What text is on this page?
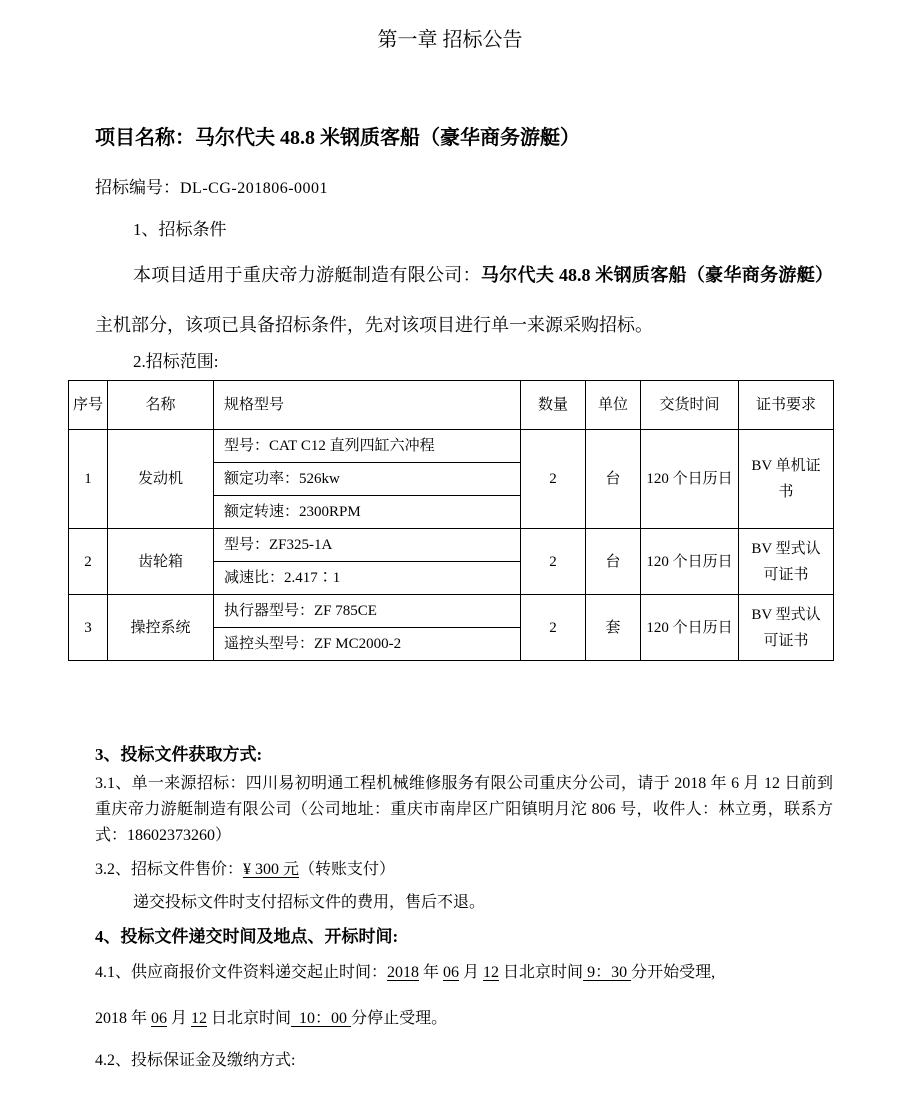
第一章 招标公告
项目名称：马尔代夫 48.8 米钢质客船（豪华商务游艇）
招标编号：DL-CG-201806-0001
1、招标条件

本项目适用于重庆帝力游艇制造有限公司：马尔代夫 48.8 米钢质客船（豪华商务游艇）主机部分，该项已具备招标条件，先对该项目进行单一来源采购招标。

2.招标范围:
序号	名称	规格型号	数量	单位	交货时间	证书要求
1	发动机	型号：CAT C12 直列四缸六冲程	2	台	120 个日历日	BV 单机证书
		额定功率：526kw				
		额定转速：2300RPM				
2	齿轮箱	型号：ZF325-1A	2	台	120 个日历日	BV 型式认可证书
		减速比：2.417∶1				
3	操控系统	执行器型号：ZF 785CE	2	套	120 个日历日	BV 型式认可证书
		遥控头型号：ZF MC2000-2				
3、投标文件获取方式:

3.1、单一来源招标：四川易初明通工程机械维修服务有限公司重庆分公司，请于 2018 年 6 月 12 日前到重庆帝力游艇制造有限公司（公司地址：重庆市南岸区广阳镇明月沱 806 号，收件人：林立勇，联系方式：18602373260）

3.2、招标文件售价：¥ 300 元（转账支付）
递交投标文件时支付招标文件的费用，售后不退。
4、投标文件递交时间及地点、开标时间:
4.1、供应商报价文件资料递交起止时间：2018 年 06 月 12 日北京时间 9：30 分开始受理,
2018 年 06 月 12 日北京时间  10：00 分停止受理。
4.2、投标保证金及缴纳方式:
